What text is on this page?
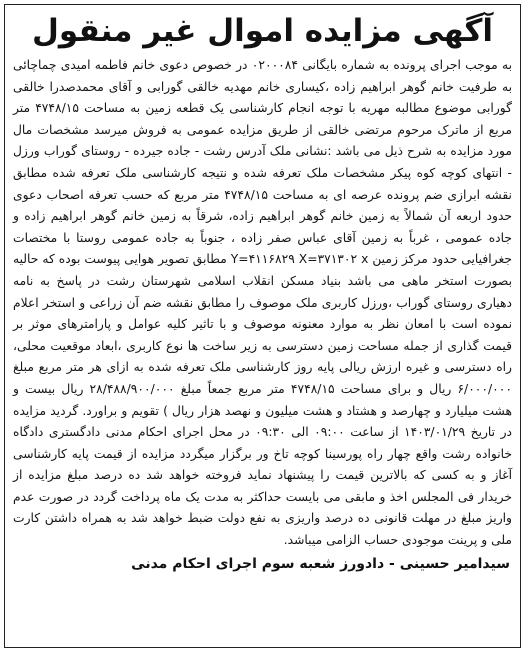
آگهی مزایده اموال غیر منقول

به موجب اجرای پرونده به شماره بایگانی ۰۲۰۰۰۸۴ در خصوص دعوی خانم فاطمه امیدی چماچائی به طرفیت خانم گوهر ابراهیم زاده ،کیساری خانم مهدیه خالقی گورابی و آقای محمدصدرا خالقی گورابی موضوع مطالبه مهریه با توجه انجام کارشناسی یک قطعه زمین به مساحت ۴۷۴۸/۱۵ متر مربع از ماترک مرحوم مرتضی خالقی از طریق مزایده عمومی به فروش میرسد مشخصات مال مورد مزایده به شرح ذیل می باشد :نشانی ملک آدرس رشت - جاده جیرده - روستای گوراب ورزل - انتهای کوچه کوه پیکر مشخصات ملک تعرفه شده و نتیجه کارشناسی ملک تعرفه شده مطابق نقشه ابرازی ضم پرونده عرصه ای به مساحت ۴۷۴۸/۱۵ متر مربع که حسب تعرفه اصحاب دعوی حدود اربعه آن شمالاً به زمین خانم گوهر ابراهیم زاده، شرقاً به زمین خانم گوهر ابراهیم زاده و جاده عمومی ، غرباً به زمین آقای عباس صفر زاده ، جنوباً به جاده عمومی روستا با مختصات جغرافیایی حدود مرکز زمین Y=۴۱۱۶۸۲۹ X=۳۷۱۳۰۲ x مطابق تصویر هوایی پیوست بوده که حالیه بصورت استخر ماهی می باشد بنیاد مسکن انقلاب اسلامی شهرستان رشت در پاسخ به نامه دهیاری روستای گوراب ،ورزل کاربری ملک موصوف را مطابق نقشه ضم آن زراعی و استخر اعلام نموده است با امعان نظر به موارد معنونه موصوف و با تاثیر کلیه عوامل و پارامترهای موثر بر قیمت گذاری از جمله مساحت زمین دسترسی به زیر ساخت ها نوع کاربری ،ابعاد موقعیت محلی، راه دسترسی و غیره ارزش ریالی پایه روز کارشناسی ملک تعرفه شده به ازای هر متر مربع مبلغ ۶/۰۰۰/۰۰۰ ریال و برای مساحت ۴۷۴۸/۱۵ متر مربع جمعاً مبلغ ۲۸/۴۸۸/۹۰۰/۰۰۰ ریال بیست و هشت میلیارد و چهارصد و هشتاد و هشت میلیون و نهصد هزار ریال ) تقویم و براورد. گردید مزایده در تاریخ ۱۴۰۳/۰۱/۲۹ از ساعت ۰۹:۰۰ الی ۰۹:۳۰ در محل اجرای احکام مدنی دادگستری دادگاه خانواده رشت واقع چهار راه پورسینا کوچه تاخ ور برگزار میگردد مزایده از قیمت پایه کارشناسی آغاز و به کسی که بالاترین قیمت را پیشنهاد نماید فروخته خواهد شد ده درصد مبلغ مزایده از خریدار فی المجلس اخذ و مابقی می بایست حداکثر به مدت یک ماه پرداخت گردد در صورت عدم واریز مبلغ در مهلت قانونی ده درصد واریزی به نفع دولت ضبط خواهد شد به همراه داشتن کارت ملی و پرینت موجودی حساب الزامی میباشد.

سیدامیر حسینی - دادورز شعبه سوم اجرای احکام مدنی
